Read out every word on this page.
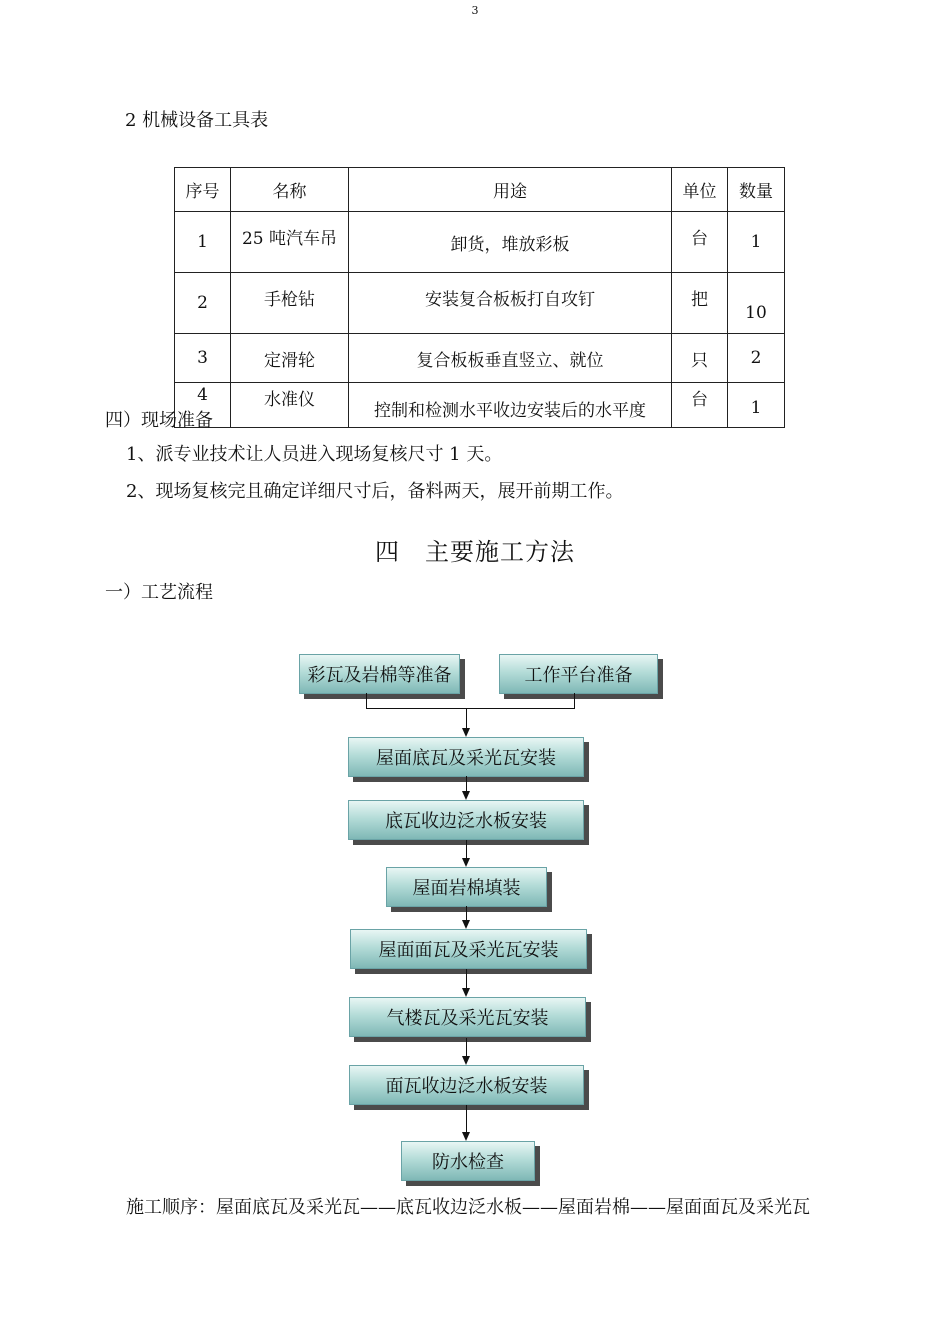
3
2 机械设备工具表
序号	名称	用途	单位	数量
1	25 吨汽车吊	卸货，堆放彩板	台	1
2	手枪钻	安装复合板板打自攻钉	把	10
3	定滑轮	复合板板垂直竖立、就位	只	2
4	水准仪	控制和检测水平收边安装后的水平度	台	1
四）现场准备
1、派专业技术让人员进入现场复核尺寸 1 天。
2、现场复核完且确定详细尺寸后，备料两天，展开前期工作。
四　主要施工方法
一）工艺流程
彩瓦及岩棉等准备	工作平台准备
屋面底瓦及采光瓦安装
底瓦收边泛水板安装
屋面岩棉填装
屋面面瓦及采光瓦安装
气楼瓦及采光瓦安装
面瓦收边泛水板安装
防水检查
施工顺序：屋面底瓦及采光瓦——底瓦收边泛水板——屋面岩棉——屋面面瓦及采光瓦
